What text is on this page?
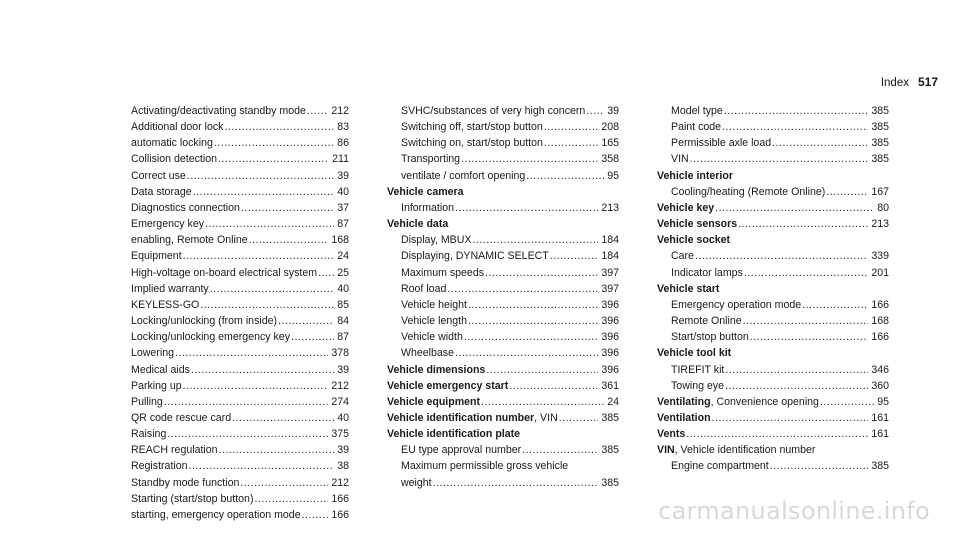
Index 517
Activating/deactivating standby mode ..... 212
Additional door lock .....	83
automatic locking .....	86
Collision detection .....	211
Correct use .....	39
Data storage .....	40
Diagnostics connection .....	37
Emergency key .....	87
enabling, Remote Online .....	168
Equipment .....	24
High-voltage on-board electrical system ..... 25
Implied warranty .....	40
KEYLESS-GO .....	85
Locking/unlocking (from inside) .....	84
Locking/unlocking emergency key .....	87
Lowering .....	378
Medical aids .....	39
Parking up .....	212
Pulling .....	274
QR code rescue card .....	40
Raising .....	375
REACH regulation .....	39
Registration .....	38
Standby mode function .....	212
Starting (start/stop button) .....	166
starting, emergency operation mode .....	166
SVHC/substances of very high concern ..... 39
Switching off, start/stop button .....	208
Switching on, start/stop button .....	165
Transporting .....	358
ventilate / comfort opening .....	95
Vehicle camera
Information .....	213
Vehicle data
Display, MBUX .....	184
Displaying, DYNAMIC SELECT .....	184
Maximum speeds .....	397
Roof load .....	397
Vehicle height .....	396
Vehicle length .....	396
Vehicle width .....	396
Wheelbase .....	396
Vehicle dimensions .....	396
Vehicle emergency start .....	361
Vehicle equipment .....	24
Vehicle identification number, VIN .....	385
Vehicle identification plate
EU type approval number .....	385
Maximum permissible gross vehicle
weight .....	385
Model type .....	385
Paint code .....	385
Permissible axle load .....	385
VIN .....	385
Vehicle interior
Cooling/heating (Remote Online) .....	167
Vehicle key .....	80
Vehicle sensors .....	213
Vehicle socket
Care .....	339
Indicator lamps .....	201
Vehicle start
Emergency operation mode .....	166
Remote Online .....	168
Start/stop button .....	166
Vehicle tool kit
TIREFIT kit .....	346
Towing eye .....	360
Ventilating, Convenience opening .....	95
Ventilation .....	161
Vents .....	161
VIN, Vehicle identification number
Engine compartment .....	385
carmanualsonline.info
